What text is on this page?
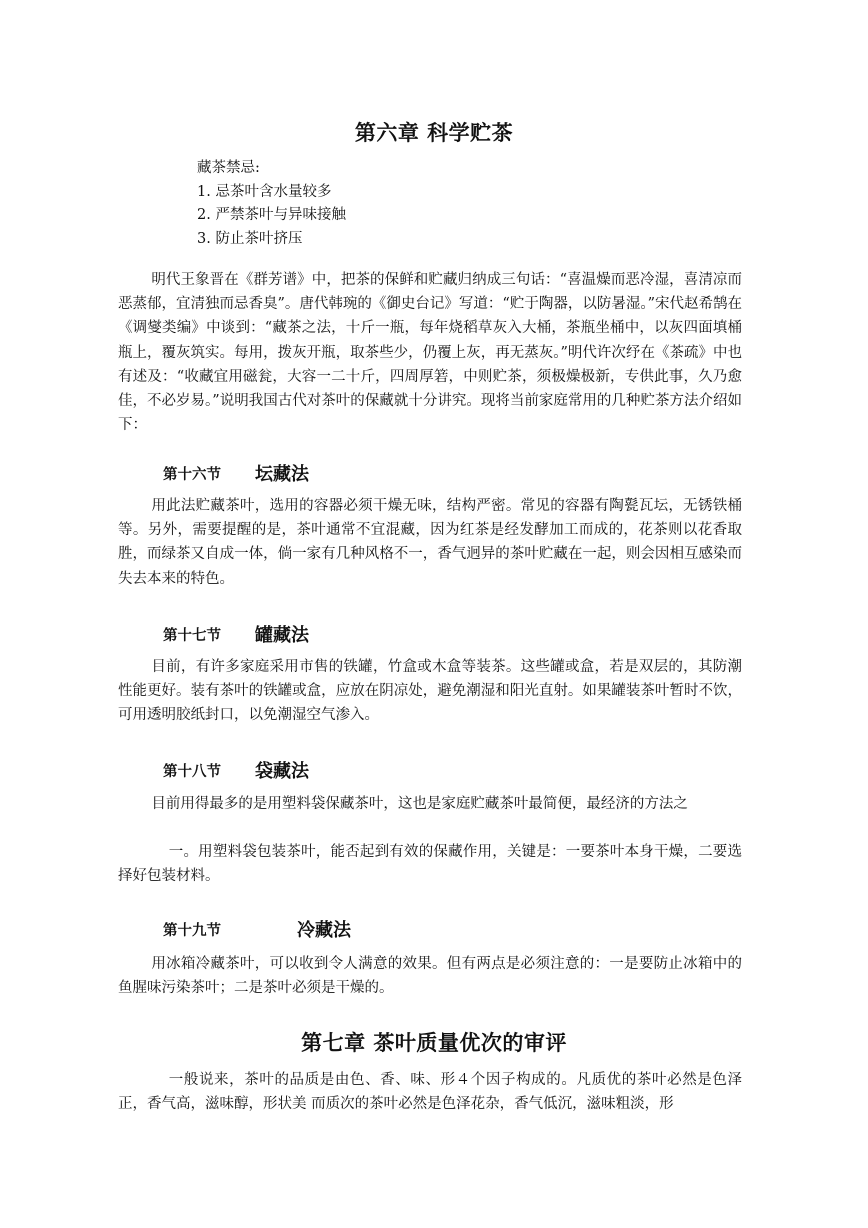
第六章 科学贮茶
藏茶禁忌:
1. 忌茶叶含水量较多
2. 严禁茶叶与异味接触
3. 防止茶叶挤压

明代王象晋在《群芳谱》中，把茶的保鲜和贮藏归纳成三句话：“喜温燥而恶冷湿，喜清凉而恶蒸郁，宜清独而忌香臭”。唐代韩琬的《御史台记》写道：“贮于陶器，以防暑湿。”宋代赵希鹄在《调燮类编》中谈到：“藏茶之法，十斤一瓶，每年烧稻草灰入大桶，茶瓶坐桶中，以灰四面填桶瓶上，覆灰筑实。每用，拨灰开瓶，取茶些少，仍覆上灰，再无蒸灰。”明代许次纾在《茶疏》中也有述及：“收藏宜用磁瓮，大容一二十斤，四周厚箬，中则贮茶，须极燥极新，专供此事，久乃愈佳，不必岁易。”说明我国古代对茶叶的保藏就十分讲究。现将当前家庭常用的几种贮茶方法介绍如下：

第十六节 坛藏法

用此法贮藏茶叶，选用的容器必须干燥无味，结构严密。常见的容器有陶甏瓦坛，无锈铁桶等。另外，需要提醒的是，茶叶通常不宜混藏，因为红茶是经发酵加工而成的，花茶则以花香取胜，而绿茶又自成一体，倘一家有几种风格不一，香气迥异的茶叶贮藏在一起，则会因相互感染而失去本来的特色。

第十七节 罐藏法

目前，有许多家庭采用市售的铁罐，竹盒或木盒等装茶。这些罐或盒，若是双层的，其防潮性能更好。装有茶叶的铁罐或盒，应放在阴凉处，避免潮湿和阳光直射。如果罐装茶叶暂时不饮，可用透明胶纸封口，以免潮湿空气渗入。

第十八节 袋藏法

目前用得最多的是用塑料袋保藏茶叶，这也是家庭贮藏茶叶最简便，最经济的方法之

一。用塑料袋包装茶叶，能否起到有效的保藏作用，关键是：一要茶叶本身干燥，二要选择好包装材料。

第十九节	冷藏法

用冰箱冷藏茶叶，可以收到令人满意的效果。但有两点是必须注意的：一是要防止冰箱中的鱼腥味污染茶叶；二是茶叶必须是干燥的。

第七章 茶叶质量优次的审评

一般说来，茶叶的品质是由色、香、味、形４个因子构成的。凡质优的茶叶必然是色泽正，香气高，滋味醇，形状美 而质次的茶叶必然是色泽花杂，香气低沉，滋味粗淡，形
